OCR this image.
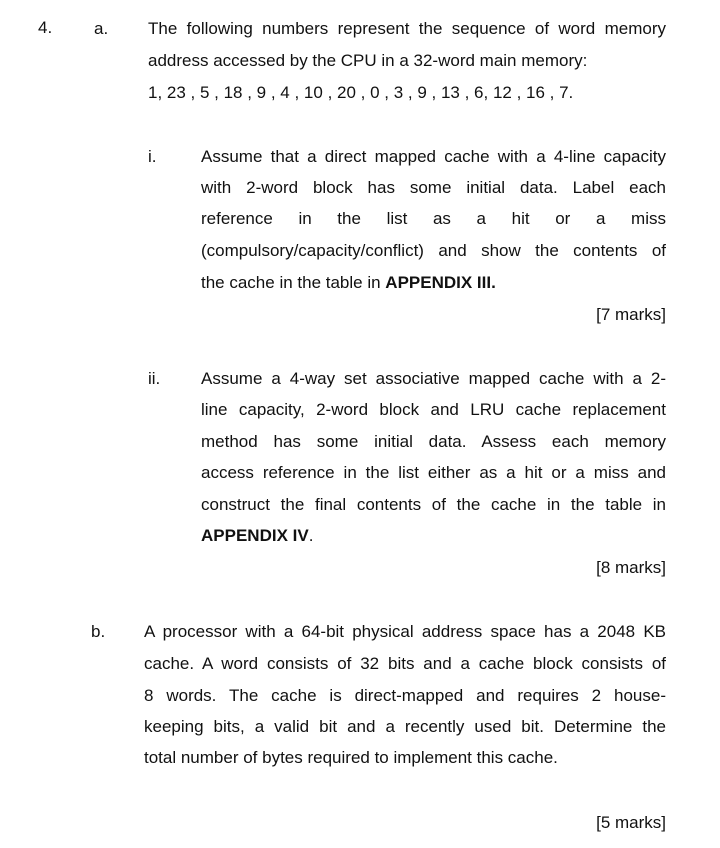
4. a. The following numbers represent the sequence of word memory
address accessed by the CPU in a 32-word main memory:
1, 23 , 5 , 18 , 9 , 4 , 10 , 20 , 0 , 3 , 9 , 13 , 6, 12 , 16 , 7.
i.	Assume that a direct mapped cache with a 4-line capacity
with 2-word block has some initial data. Label each
reference in the list as a hit or a miss
(compulsory/capacity/conflict) and show the contents of
the cache in the table in APPENDIX III.
[7 marks]
ii. Assume a 4-way set associative mapped cache with a 2-
line capacity, 2-word block and LRU cache replacement
method has some initial data. Assess each memory
access reference in the list either as a hit or a miss and
construct the final contents of the cache in the table in
APPENDIX IV.
[8 marks]
b. A processor with a 64-bit physical address space has a 2048 KB
cache. A word consists of 32 bits and a cache block consists of
8 words. The cache is direct-mapped and requires 2 house-
keeping bits, a valid bit and a recently used bit. Determine the
total number of bytes required to implement this cache.
[5 marks]
